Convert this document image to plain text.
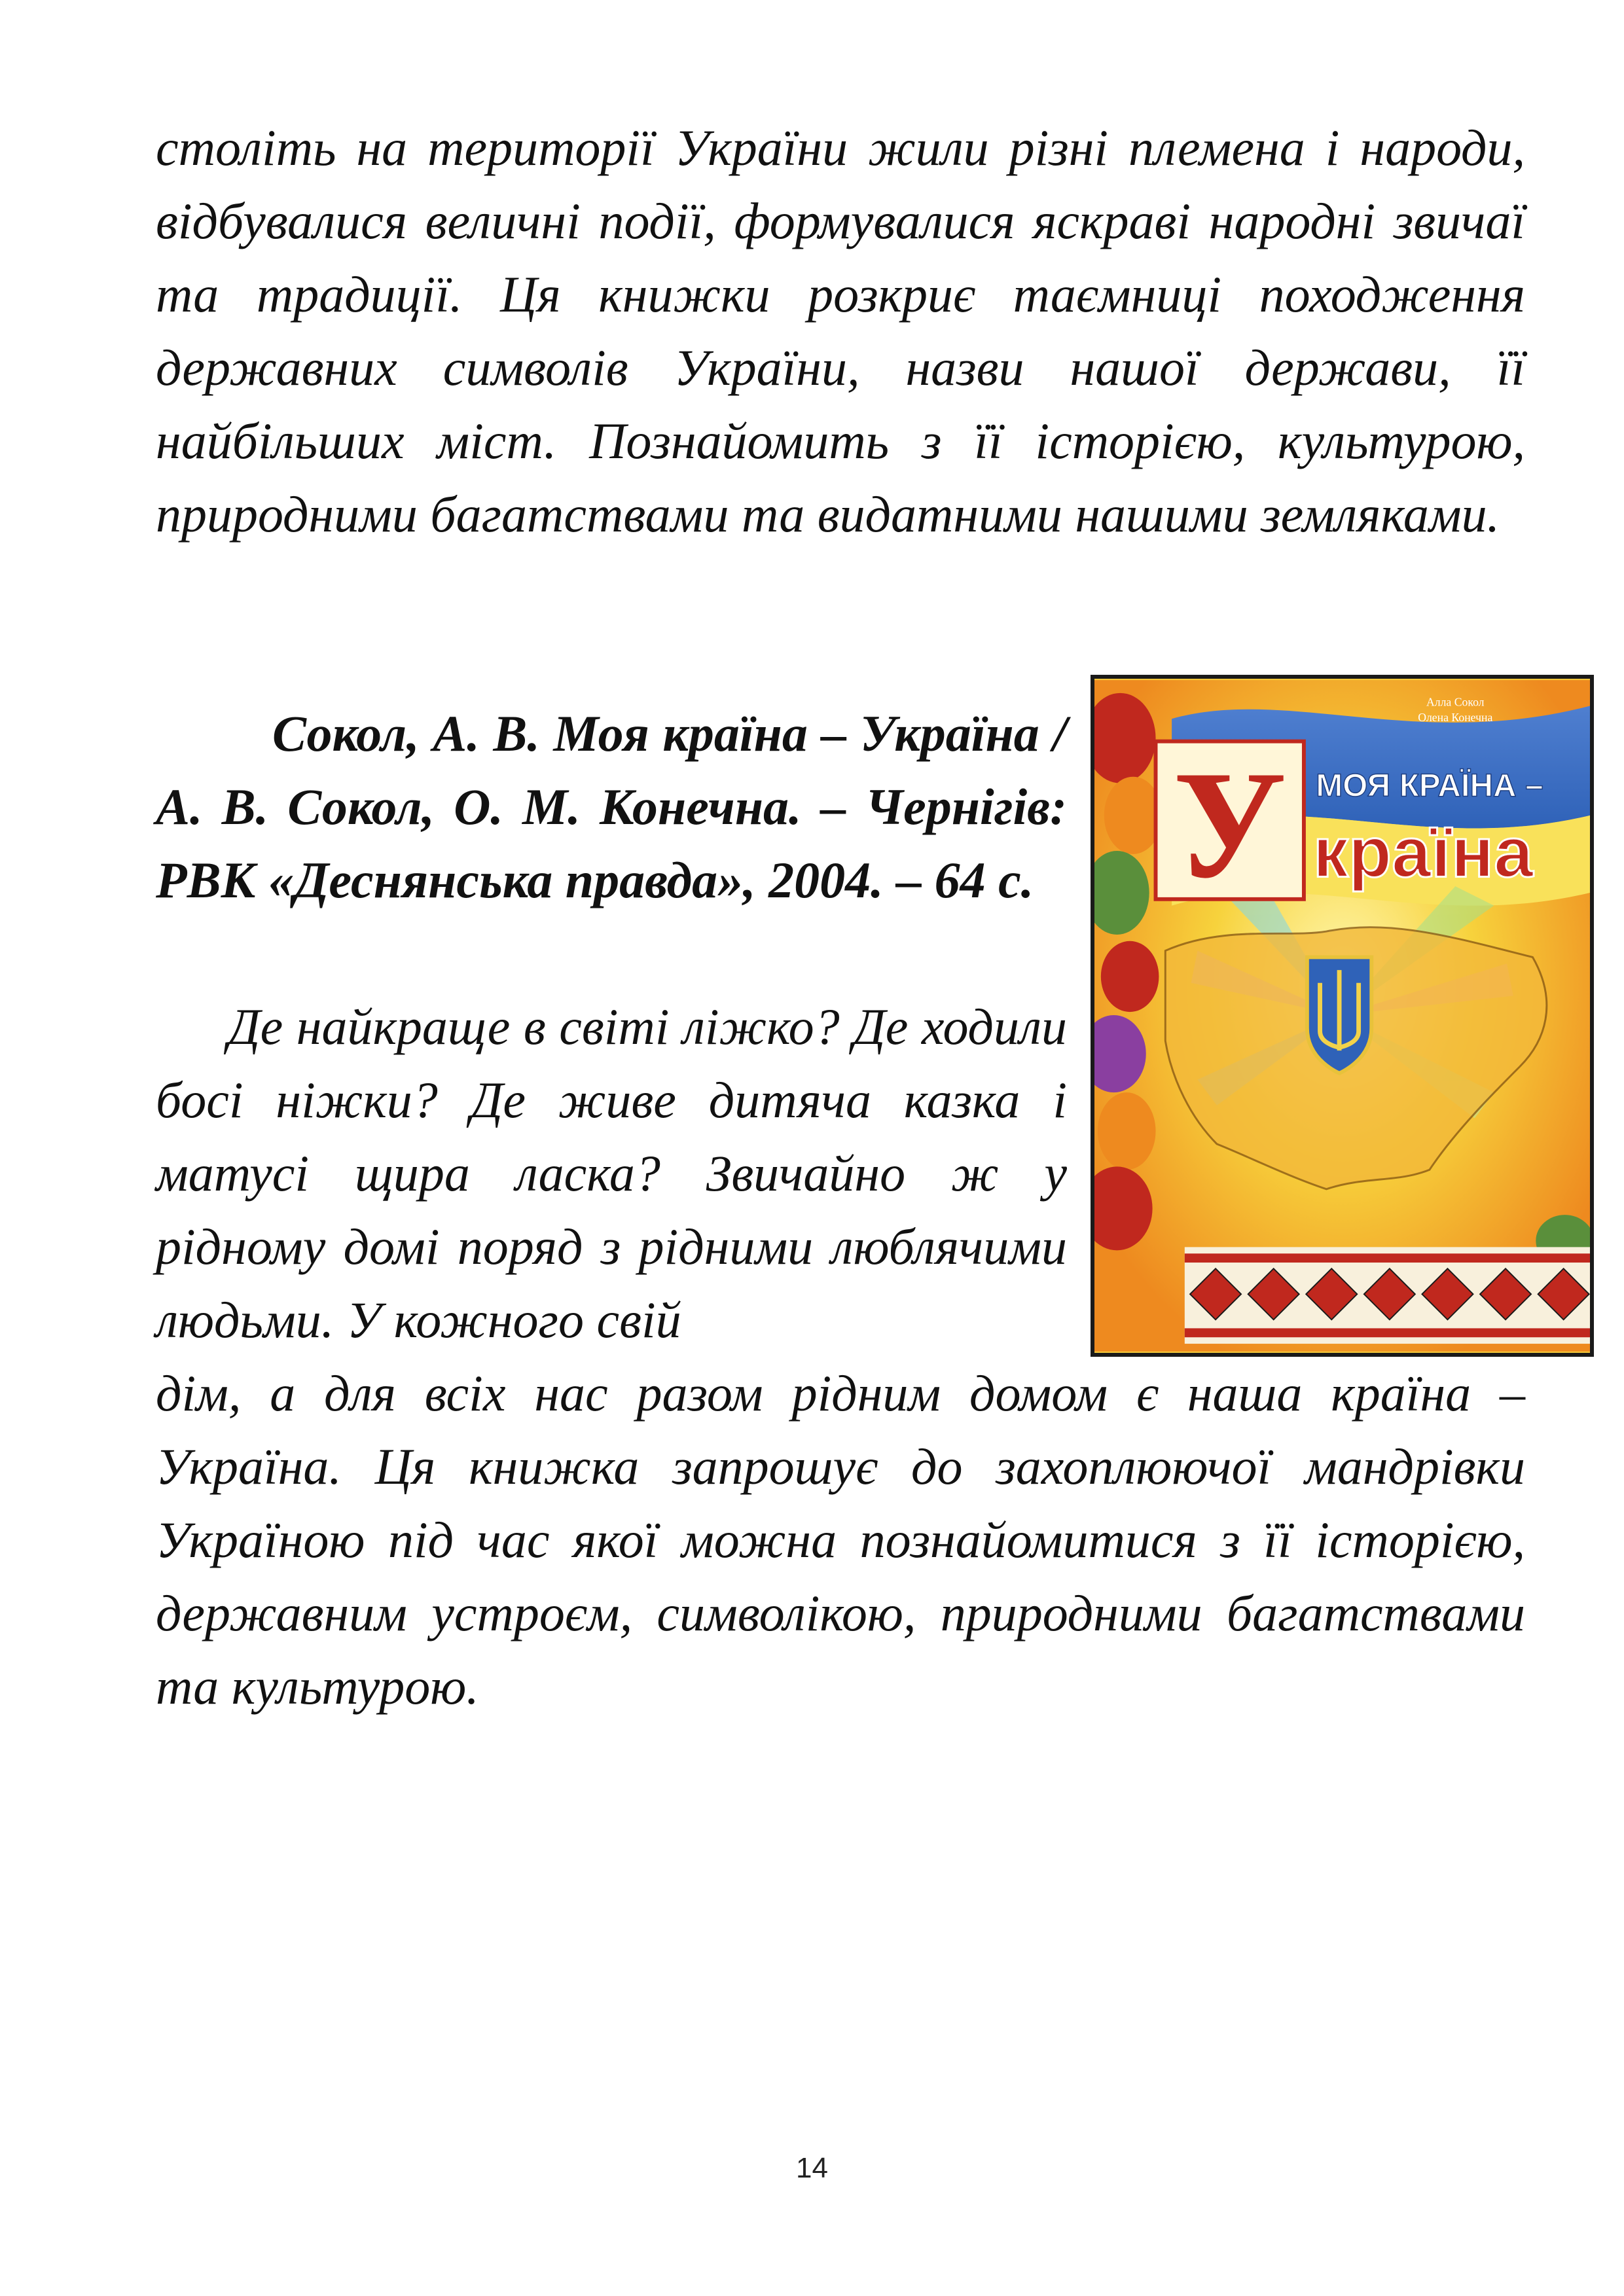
століть на території України жили різні племена і народи, відбувалися величні події, формувалися яскраві народні звичаї та традиції. Ця книжки розкриє таємниці походження державних символів України, назви нашої держави, її найбільших міст. Познайомить з її історією, культурою, природними багатствами та видатними нашими земляками.
Сокол, А. В. Моя країна – Україна / А. В. Сокол, О. М. Конечна. – Чернігів: РВК «Деснянська правда», 2004. – 64 с.
Де найкраще в світі ліжко? Де ходили босі ніжки? Де живе дитяча казка і матусі щира ласка? Звичайно ж у рідному домі поряд з рідними люблячими людьми. У кожного свій
дім, а для всіх нас разом рідним домом є наша країна – Україна. Ця книжка запрошує до захоплюючої мандрівки Україною під час якої можна познайомитися з її історією, державним устроєм, символікою, природними багатствами та культурою.
У МОЯ КРАЇНА –
країна
Алла Сокол
Олена Конечна
14
